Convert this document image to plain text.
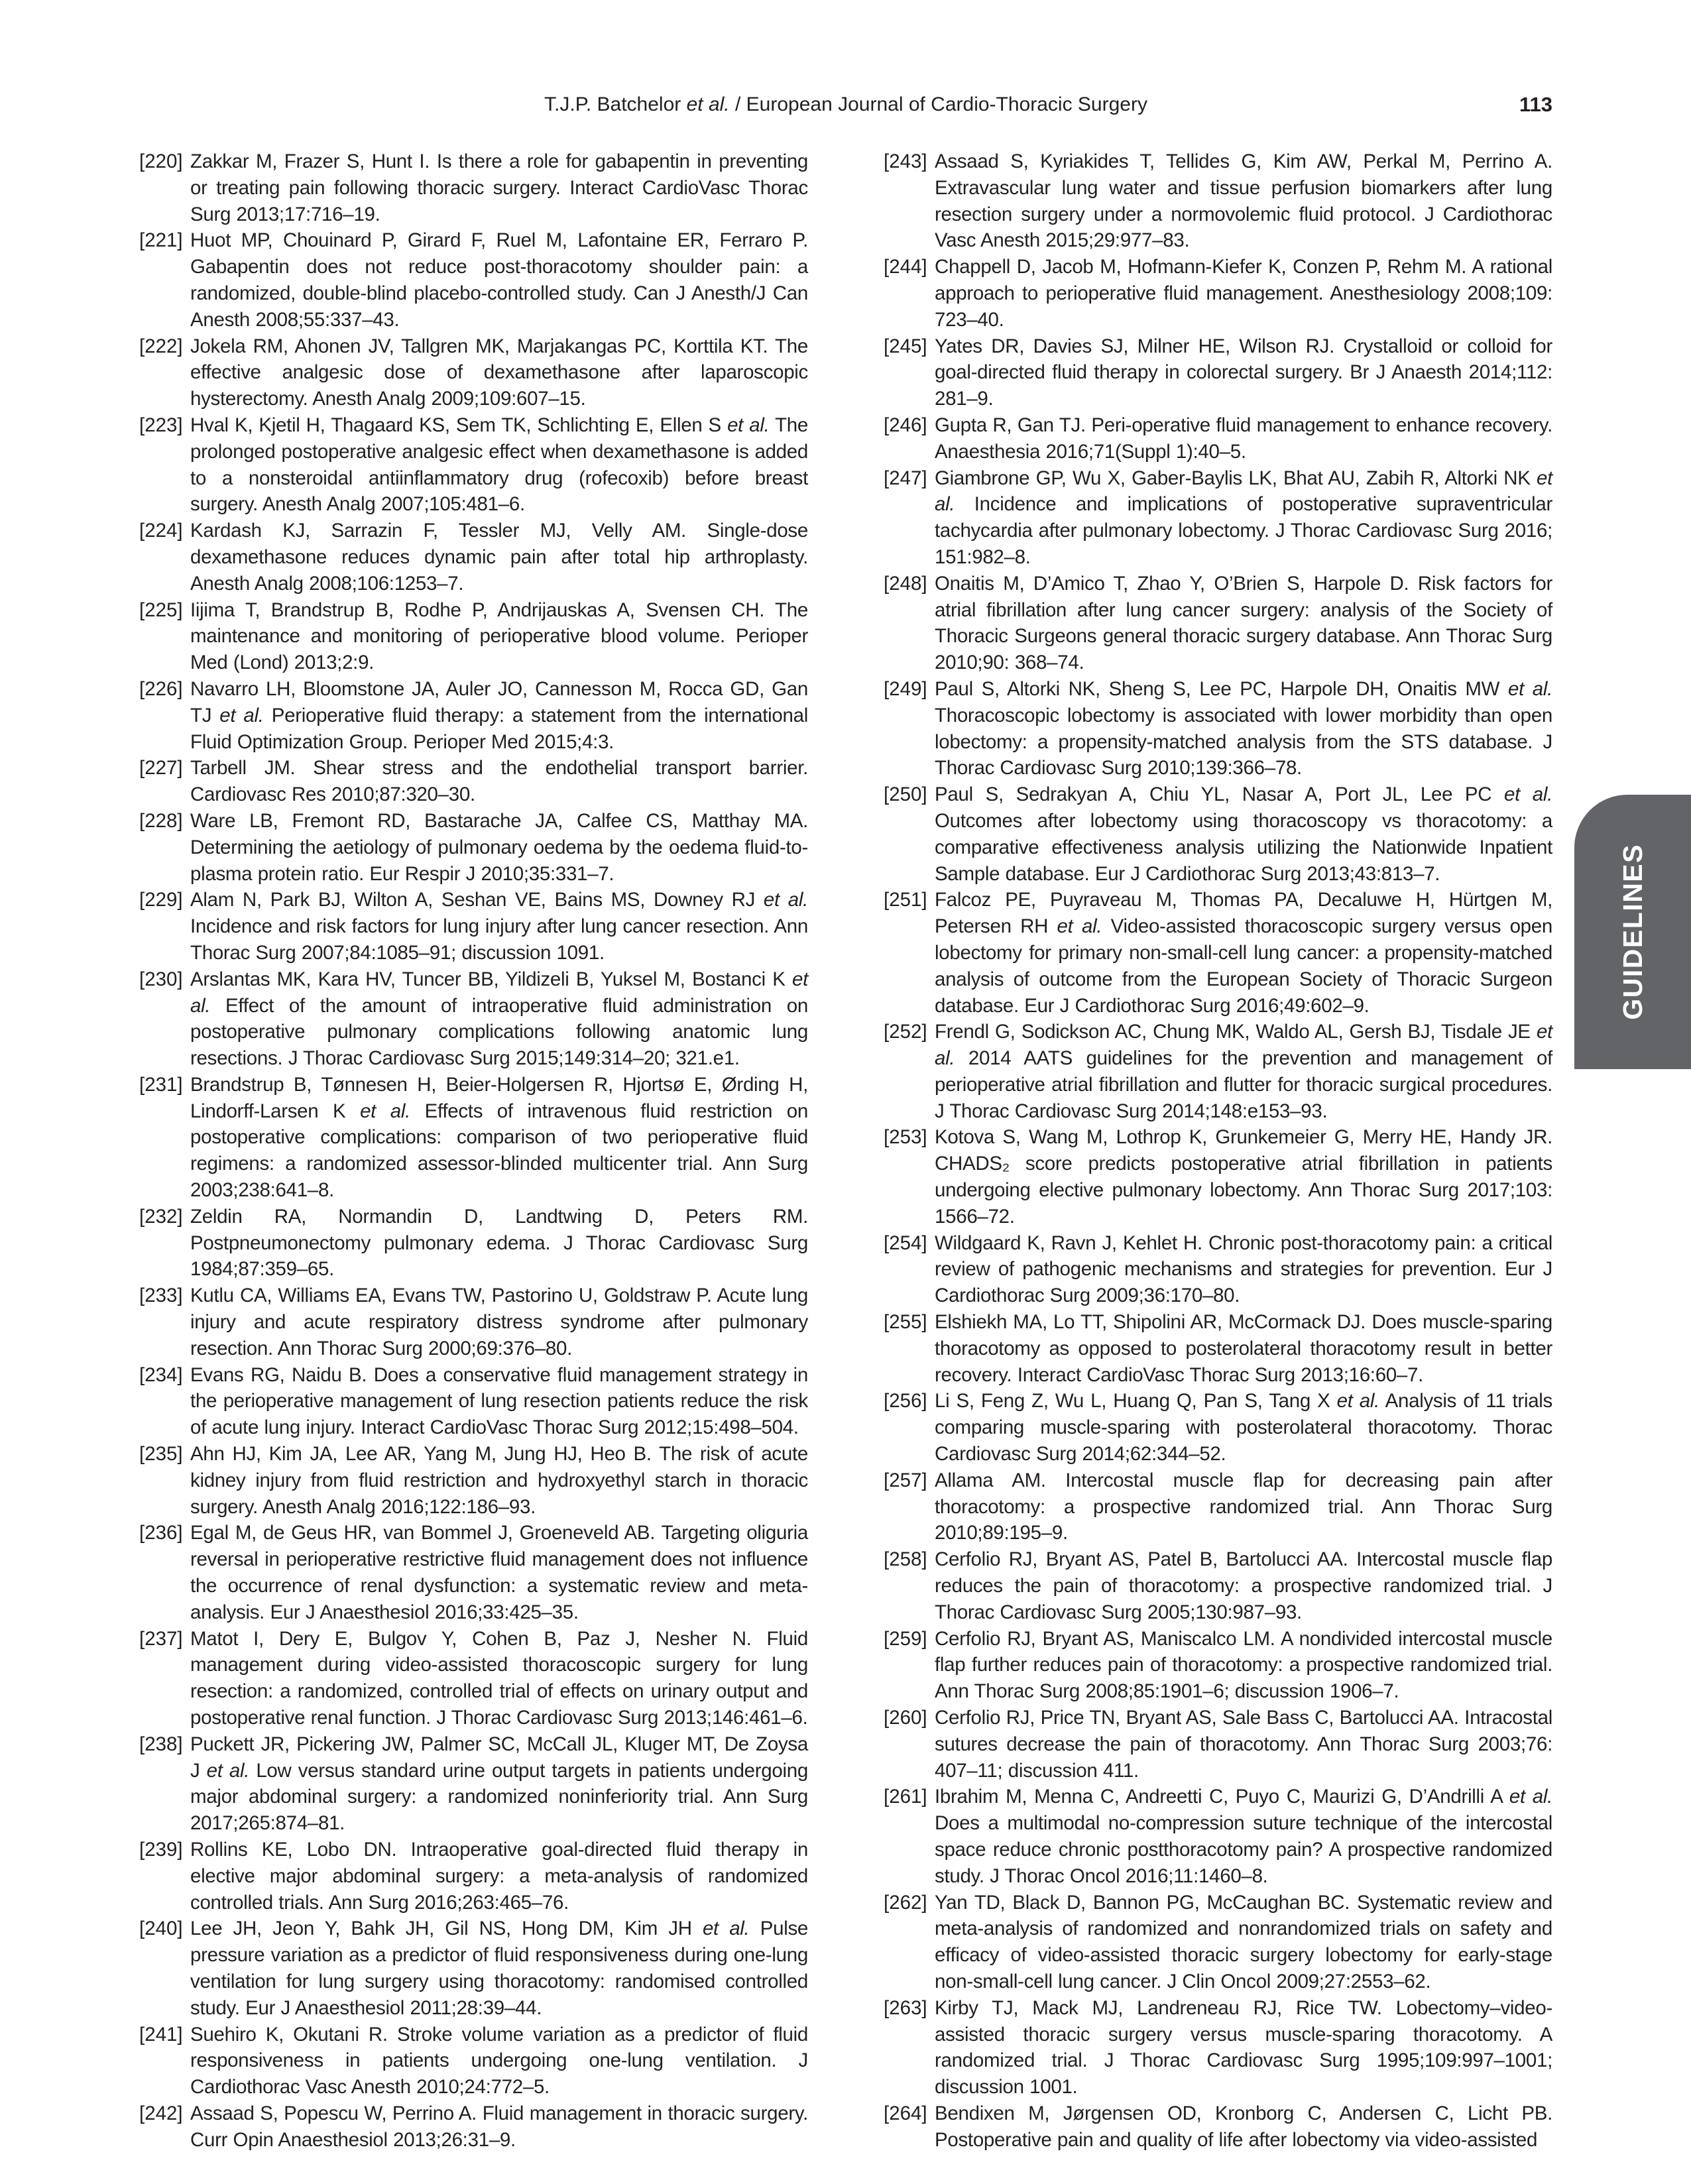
T.J.P. Batchelor et al. / European Journal of Cardio-Thoracic Surgery	113
[220] Zakkar M, Frazer S, Hunt I. Is there a role for gabapentin in preventing or treating pain following thoracic surgery. Interact CardioVasc Thorac Surg 2013;17:716–19.
[221] Huot MP, Chouinard P, Girard F, Ruel M, Lafontaine ER, Ferraro P. Gabapentin does not reduce post-thoracotomy shoulder pain: a randomized, double-blind placebo-controlled study. Can J Anesth/J Can Anesth 2008;55:337–43.
[222] Jokela RM, Ahonen JV, Tallgren MK, Marjakangas PC, Korttila KT. The effective analgesic dose of dexamethasone after laparoscopic hysterectomy. Anesth Analg 2009;109:607–15.
[223] Hval K, Kjetil H, Thagaard KS, Sem TK, Schlichting E, Ellen S et al. The prolonged postoperative analgesic effect when dexamethasone is added to a nonsteroidal antiinflammatory drug (rofecoxib) before breast surgery. Anesth Analg 2007;105:481–6.
[224] Kardash KJ, Sarrazin F, Tessler MJ, Velly AM. Single-dose dexamethasone reduces dynamic pain after total hip arthroplasty. Anesth Analg 2008;106:1253–7.
[225] Iijima T, Brandstrup B, Rodhe P, Andrijauskas A, Svensen CH. The maintenance and monitoring of perioperative blood volume. Perioper Med (Lond) 2013;2:9.
[226] Navarro LH, Bloomstone JA, Auler JO, Cannesson M, Rocca GD, Gan TJ et al. Perioperative fluid therapy: a statement from the international Fluid Optimization Group. Perioper Med 2015;4:3.
[227] Tarbell JM. Shear stress and the endothelial transport barrier. Cardiovasc Res 2010;87:320–30.
[228] Ware LB, Fremont RD, Bastarache JA, Calfee CS, Matthay MA. Determining the aetiology of pulmonary oedema by the oedema fluid-to-plasma protein ratio. Eur Respir J 2010;35:331–7.
[229] Alam N, Park BJ, Wilton A, Seshan VE, Bains MS, Downey RJ et al. Incidence and risk factors for lung injury after lung cancer resection. Ann Thorac Surg 2007;84:1085–91; discussion 1091.
[230] Arslantas MK, Kara HV, Tuncer BB, Yildizeli B, Yuksel M, Bostanci K et al. Effect of the amount of intraoperative fluid administration on postoperative pulmonary complications following anatomic lung resections. J Thorac Cardiovasc Surg 2015;149:314–20; 321.e1.
[231] Brandstrup B, Tønnesen H, Beier-Holgersen R, Hjortsø E, Ørding H, Lindorff-Larsen K et al. Effects of intravenous fluid restriction on postoperative complications: comparison of two perioperative fluid regimens: a randomized assessor-blinded multicenter trial. Ann Surg 2003;238:641–8.
[232] Zeldin RA, Normandin D, Landtwing D, Peters RM. Postpneumonectomy pulmonary edema. J Thorac Cardiovasc Surg 1984;87:359–65.
[233] Kutlu CA, Williams EA, Evans TW, Pastorino U, Goldstraw P. Acute lung injury and acute respiratory distress syndrome after pulmonary resection. Ann Thorac Surg 2000;69:376–80.
[234] Evans RG, Naidu B. Does a conservative fluid management strategy in the perioperative management of lung resection patients reduce the risk of acute lung injury. Interact CardioVasc Thorac Surg 2012;15:498–504.
[235] Ahn HJ, Kim JA, Lee AR, Yang M, Jung HJ, Heo B. The risk of acute kidney injury from fluid restriction and hydroxyethyl starch in thoracic surgery. Anesth Analg 2016;122:186–93.
[236] Egal M, de Geus HR, van Bommel J, Groeneveld AB. Targeting oliguria reversal in perioperative restrictive fluid management does not influence the occurrence of renal dysfunction: a systematic review and meta-analysis. Eur J Anaesthesiol 2016;33:425–35.
[237] Matot I, Dery E, Bulgov Y, Cohen B, Paz J, Nesher N. Fluid management during video-assisted thoracoscopic surgery for lung resection: a randomized, controlled trial of effects on urinary output and postoperative renal function. J Thorac Cardiovasc Surg 2013;146:461–6.
[238] Puckett JR, Pickering JW, Palmer SC, McCall JL, Kluger MT, De Zoysa J et al. Low versus standard urine output targets in patients undergoing major abdominal surgery: a randomized noninferiority trial. Ann Surg 2017;265:874–81.
[239] Rollins KE, Lobo DN. Intraoperative goal-directed fluid therapy in elective major abdominal surgery: a meta-analysis of randomized controlled trials. Ann Surg 2016;263:465–76.
[240] Lee JH, Jeon Y, Bahk JH, Gil NS, Hong DM, Kim JH et al. Pulse pressure variation as a predictor of fluid responsiveness during one-lung ventilation for lung surgery using thoracotomy: randomised controlled study. Eur J Anaesthesiol 2011;28:39–44.
[241] Suehiro K, Okutani R. Stroke volume variation as a predictor of fluid responsiveness in patients undergoing one-lung ventilation. J Cardiothorac Vasc Anesth 2010;24:772–5.
[242] Assaad S, Popescu W, Perrino A. Fluid management in thoracic surgery. Curr Opin Anaesthesiol 2013;26:31–9.
[243] Assaad S, Kyriakides T, Tellides G, Kim AW, Perkal M, Perrino A. Extravascular lung water and tissue perfusion biomarkers after lung resection surgery under a normovolemic fluid protocol. J Cardiothorac Vasc Anesth 2015;29:977–83.
[244] Chappell D, Jacob M, Hofmann-Kiefer K, Conzen P, Rehm M. A rational approach to perioperative fluid management. Anesthesiology 2008;109: 723–40.
[245] Yates DR, Davies SJ, Milner HE, Wilson RJ. Crystalloid or colloid for goal-directed fluid therapy in colorectal surgery. Br J Anaesth 2014;112: 281–9.
[246] Gupta R, Gan TJ. Peri-operative fluid management to enhance recovery. Anaesthesia 2016;71(Suppl 1):40–5.
[247] Giambrone GP, Wu X, Gaber-Baylis LK, Bhat AU, Zabih R, Altorki NK et al. Incidence and implications of postoperative supraventricular tachycardia after pulmonary lobectomy. J Thorac Cardiovasc Surg 2016; 151:982–8.
[248] Onaitis M, D’Amico T, Zhao Y, O’Brien S, Harpole D. Risk factors for atrial fibrillation after lung cancer surgery: analysis of the Society of Thoracic Surgeons general thoracic surgery database. Ann Thorac Surg 2010;90: 368–74.
[249] Paul S, Altorki NK, Sheng S, Lee PC, Harpole DH, Onaitis MW et al. Thoracoscopic lobectomy is associated with lower morbidity than open lobectomy: a propensity-matched analysis from the STS database. J Thorac Cardiovasc Surg 2010;139:366–78.
[250] Paul S, Sedrakyan A, Chiu YL, Nasar A, Port JL, Lee PC et al. Outcomes after lobectomy using thoracoscopy vs thoracotomy: a comparative effectiveness analysis utilizing the Nationwide Inpatient Sample database. Eur J Cardiothorac Surg 2013;43:813–7.
[251] Falcoz PE, Puyraveau M, Thomas PA, Decaluwe H, Hürtgen M, Petersen RH et al. Video-assisted thoracoscopic surgery versus open lobectomy for primary non-small-cell lung cancer: a propensity-matched analysis of outcome from the European Society of Thoracic Surgeon database. Eur J Cardiothorac Surg 2016;49:602–9.
[252] Frendl G, Sodickson AC, Chung MK, Waldo AL, Gersh BJ, Tisdale JE et al. 2014 AATS guidelines for the prevention and management of perioperative atrial fibrillation and flutter for thoracic surgical procedures. J Thorac Cardiovasc Surg 2014;148:e153–93.
[253] Kotova S, Wang M, Lothrop K, Grunkemeier G, Merry HE, Handy JR. CHADS₂ score predicts postoperative atrial fibrillation in patients undergoing elective pulmonary lobectomy. Ann Thorac Surg 2017;103: 1566–72.
[254] Wildgaard K, Ravn J, Kehlet H. Chronic post-thoracotomy pain: a critical review of pathogenic mechanisms and strategies for prevention. Eur J Cardiothorac Surg 2009;36:170–80.
[255] Elshiekh MA, Lo TT, Shipolini AR, McCormack DJ. Does muscle-sparing thoracotomy as opposed to posterolateral thoracotomy result in better recovery. Interact CardioVasc Thorac Surg 2013;16:60–7.
[256] Li S, Feng Z, Wu L, Huang Q, Pan S, Tang X et al. Analysis of 11 trials comparing muscle-sparing with posterolateral thoracotomy. Thorac Cardiovasc Surg 2014;62:344–52.
[257] Allama AM. Intercostal muscle flap for decreasing pain after thoracotomy: a prospective randomized trial. Ann Thorac Surg 2010;89:195–9.
[258] Cerfolio RJ, Bryant AS, Patel B, Bartolucci AA. Intercostal muscle flap reduces the pain of thoracotomy: a prospective randomized trial. J Thorac Cardiovasc Surg 2005;130:987–93.
[259] Cerfolio RJ, Bryant AS, Maniscalco LM. A nondivided intercostal muscle flap further reduces pain of thoracotomy: a prospective randomized trial. Ann Thorac Surg 2008;85:1901–6; discussion 1906–7.
[260] Cerfolio RJ, Price TN, Bryant AS, Sale Bass C, Bartolucci AA. Intracostal sutures decrease the pain of thoracotomy. Ann Thorac Surg 2003;76: 407–11; discussion 411.
[261] Ibrahim M, Menna C, Andreetti C, Puyo C, Maurizi G, D’Andrilli A et al. Does a multimodal no-compression suture technique of the intercostal space reduce chronic postthoracotomy pain? A prospective randomized study. J Thorac Oncol 2016;11:1460–8.
[262] Yan TD, Black D, Bannon PG, McCaughan BC. Systematic review and meta-analysis of randomized and nonrandomized trials on safety and efficacy of video-assisted thoracic surgery lobectomy for early-stage non-small-cell lung cancer. J Clin Oncol 2009;27:2553–62.
[263] Kirby TJ, Mack MJ, Landreneau RJ, Rice TW. Lobectomy–video-assisted thoracic surgery versus muscle-sparing thoracotomy. A randomized trial. J Thorac Cardiovasc Surg 1995;109:997–1001; discussion 1001.
[264] Bendixen M, Jørgensen OD, Kronborg C, Andersen C, Licht PB. Postoperative pain and quality of life after lobectomy via video-assisted
GUIDELINES
